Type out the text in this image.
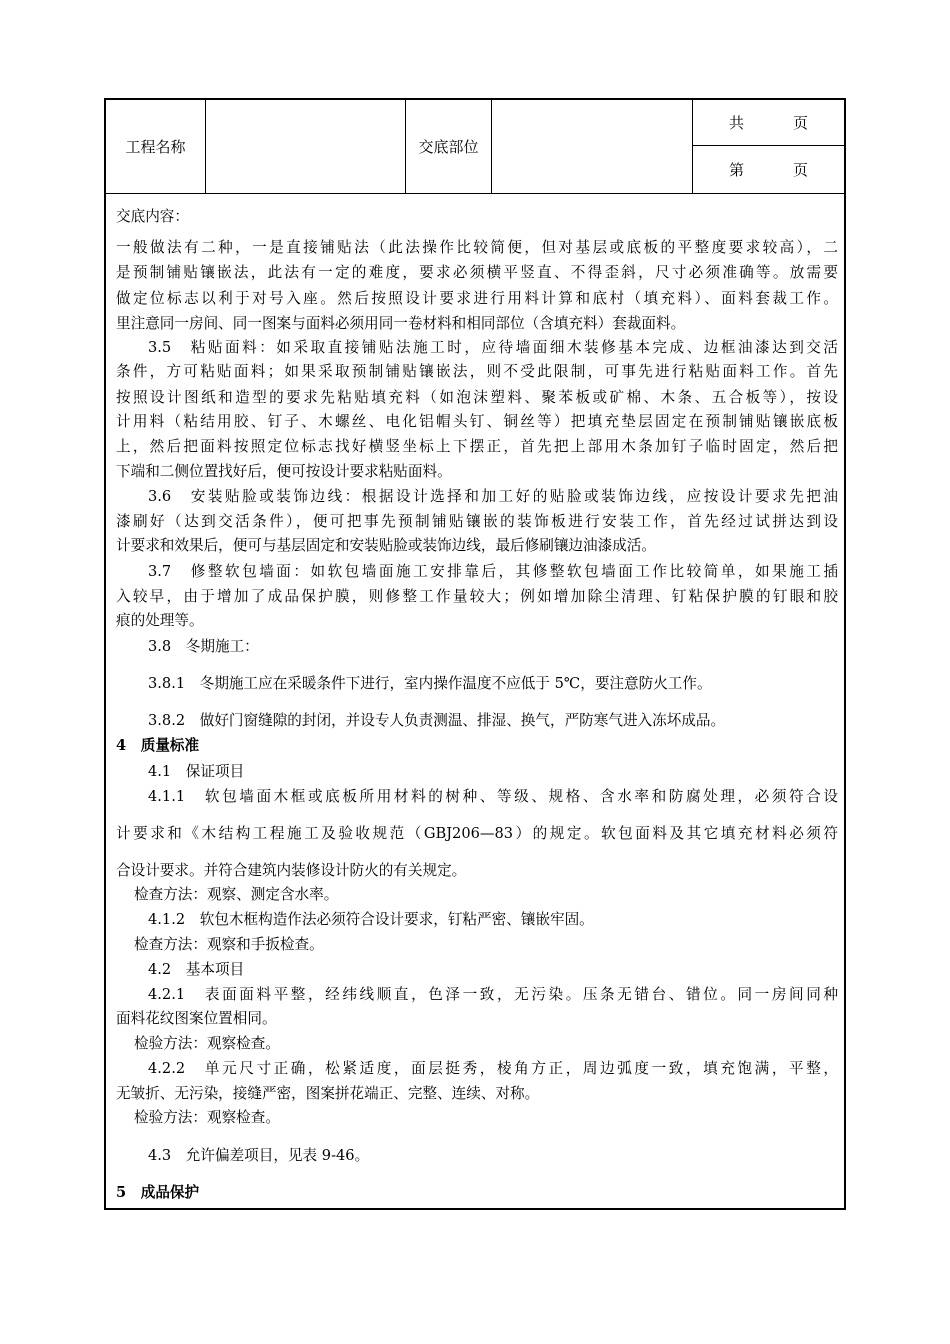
工程名称	交底部位
共	页
第	页
交底内容：
一般做法有二种，一是直接铺贴法（此法操作比较简便，但对基层或底板的平整度要求较高），二
是预制铺贴镶嵌法，此法有一定的难度，要求必须横平竖直、不得歪斜，尺寸必须准确等。放需要
做定位标志以利于对号入座。然后按照设计要求进行用料计算和底村（填充料）、面料套裁工作。
里注意同一房间、同一图案与面料必须用同一卷材料和相同部位（含填充料）套裁面料。
3.5　粘贴面料：如采取直接铺贴法施工时，应待墙面细木装修基本完成、边框油漆达到交活
条件，方可粘贴面料；如果采取预制铺贴镶嵌法，则不受此限制，可事先进行粘贴面料工作。首先
按照设计图纸和造型的要求先粘贴填充料（如泡沫塑料、聚苯板或矿棉、木条、五合板等），按设
计用料（粘结用胶、钉子、木螺丝、电化铝帽头钉、铜丝等）把填充垫层固定在预制铺贴镶嵌底板
上，然后把面料按照定位标志找好横竖坐标上下摆正，首先把上部用木条加钉子临时固定，然后把
下端和二侧位置找好后，便可按设计要求粘贴面料。
3.6　安装贴脸或装饰边线：根据设计选择和加工好的贴脸或装饰边线，应按设计要求先把油
漆刷好（达到交活条件），便可把事先预制铺贴镶嵌的装饰板进行安装工作，首先经过试拼达到设
计要求和效果后，便可与基层固定和安装贴脸或装饰边线，最后修刷镶边油漆成活。
3.7　修整软包墙面：如软包墙面施工安排靠后，其修整软包墙面工作比较简单，如果施工插
入较早，由于增加了成品保护膜，则修整工作量较大；例如增加除尘清理、钉粘保护膜的钉眼和胶
痕的处理等。
3.8　冬期施工：
3.8.1　冬期施工应在采暖条件下进行，室内操作温度不应低于 5℃，要注意防火工作。
3.8.2　做好门窗缝隙的封闭，并设专人负责测温、排湿、换气，严防寒气进入冻坏成品。
4　质量标准
4.1　保证项目
4.1.1　软包墙面木框或底板所用材料的树种、等级、规格、含水率和防腐处理，必须符合设
计要求和《木结构工程施工及验收规范（GBJ206—83）的规定。软包面料及其它填充材料必须符
合设计要求。并符合建筑内装修设计防火的有关规定。
检查方法：观察、测定含水率。
4.1.2　软包木框构造作法必须符合设计要求，钉粘严密、镶嵌牢固。
检查方法：观察和手扳检查。
4.2　基本项目
4.2.1　表面面料平整，经纬线顺直，色泽一致，无污染。压条无错台、错位。同一房间同种
面料花纹图案位置相同。
检验方法：观察检查。
4.2.2　单元尺寸正确，松紧适度，面层挺秀，棱角方正，周边弧度一致，填充饱满，平整，
无皱折、无污染，接缝严密，图案拼花端正、完整、连续、对称。
检验方法：观察检查。
4.3　允许偏差项目，见表 9-46。
5　成品保护
